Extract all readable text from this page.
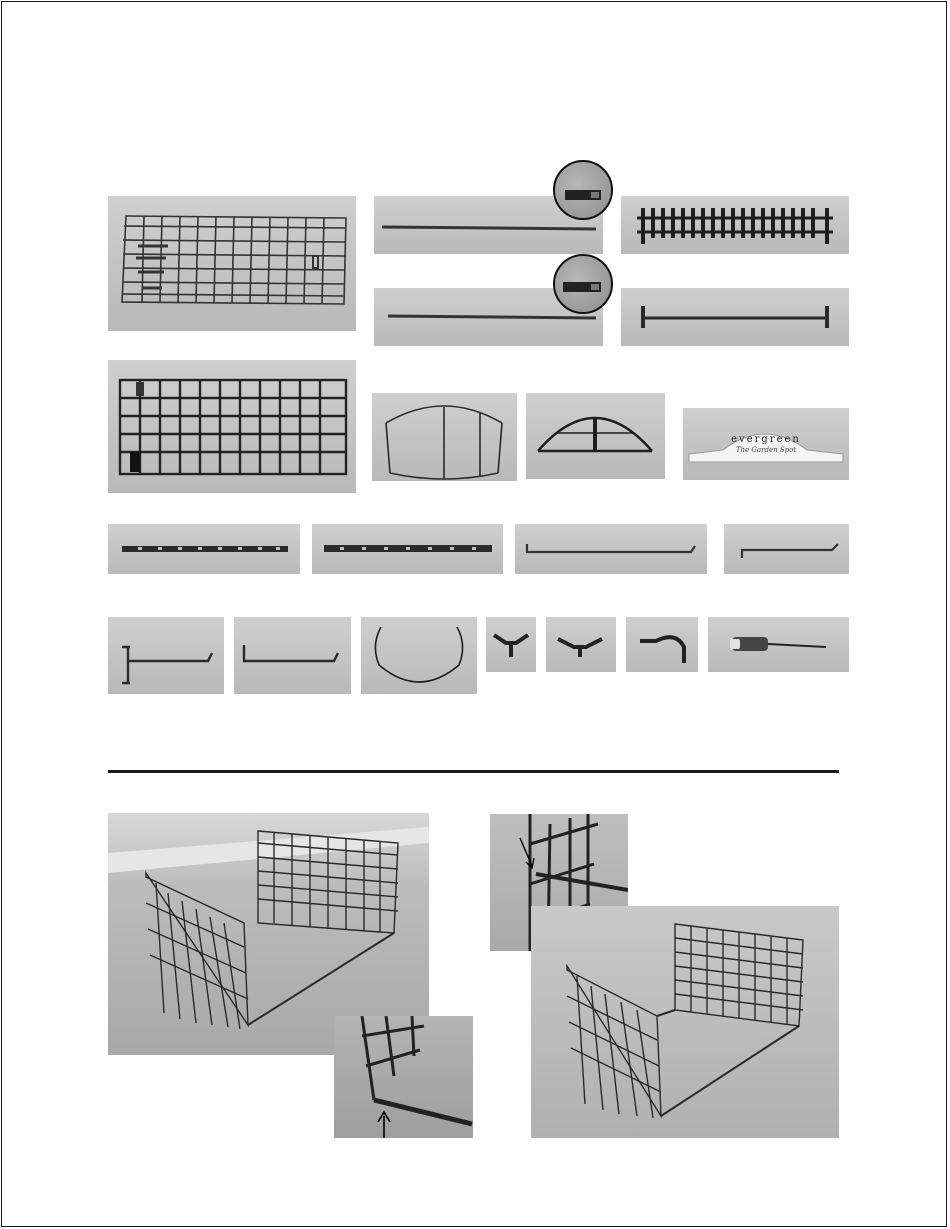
evergreen
The Garden Spot
